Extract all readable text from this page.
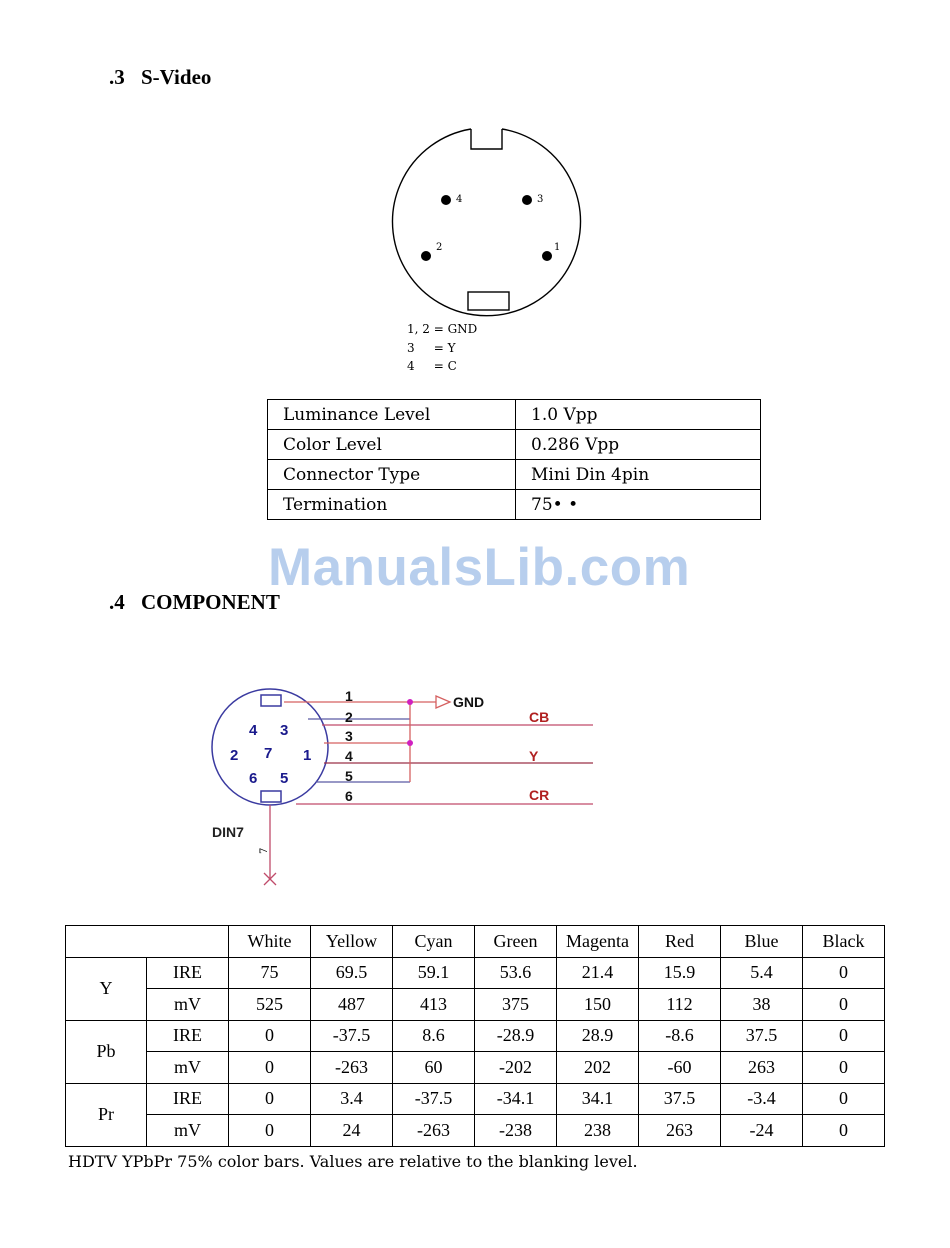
.3 S-Video
4	3
2	1
1, 2 = GND
3     = Y
4     = C
Luminance Level	1.0 Vpp
Color Level	0.286 Vpp
Connector Type	Mini Din 4pin
Termination	75• •
ManualsLib.com
.4 COMPONENT
4 3
2 7 1
6 5
GND
1
2
3
4
5
6
CB
Y
CR
DIN7
7
		White	Yellow	Cyan	Green	Magenta	Red	Blue	Black
Y	IRE	75	69.5	59.1	53.6	21.4	15.9	5.4	0
	mV	525	487	413	375	150	112	38	0
Pb	IRE	0	-37.5	8.6	-28.9	28.9	-8.6	37.5	0
	mV	0	-263	60	-202	202	-60	263	0
Pr	IRE	0	3.4	-37.5	-34.1	34.1	37.5	-3.4	0
	mV	0	24	-263	-238	238	263	-24	0
HDTV YPbPr 75% color bars. Values are relative to the blanking level.
